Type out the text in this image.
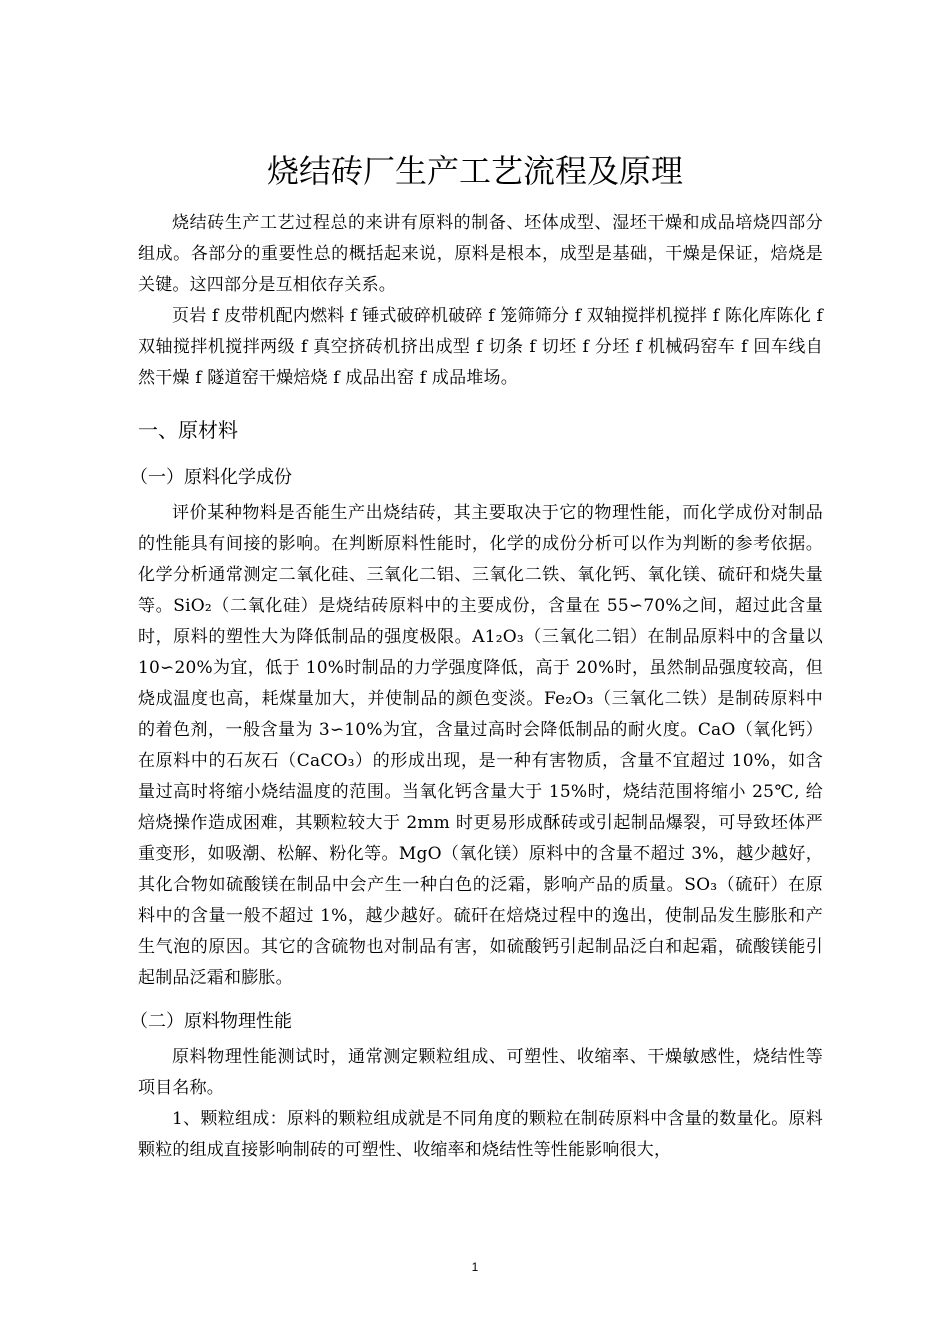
烧结砖厂生产工艺流程及原理

烧结砖生产工艺过程总的来讲有原料的制备、坯体成型、湿坯干燥和成品培烧四部分组成。各部分的重要性总的概括起来说，原料是根本，成型是基础，干燥是保证，焙烧是关键。这四部分是互相依存关系。

页岩 f 皮带机配内燃料 f 锤式破碎机破碎 f 笼筛筛分 f 双轴搅拌机搅拌 f 陈化库陈化 f 双轴搅拌机搅拌两级 f 真空挤砖机挤出成型 f 切条 f 切坯 f 分坯 f 机械码窑车 f 回车线自然干燥 f 隧道窑干燥焙烧 f 成品出窑 f 成品堆场。

一、原材料
（一）原料化学成份

评价某种物料是否能生产出烧结砖，其主要取决于它的物理性能，而化学成份对制品的性能具有间接的影响。在判断原料性能时，化学的成份分析可以作为判断的参考依据。化学分析通常测定二氧化硅、三氧化二铝、三氧化二铁、氧化钙、氧化镁、硫矸和烧失量等。SiO₂（二氧化硅）是烧结砖原料中的主要成份，含量在 55∽70%之间，超过此含量时，原料的塑性大为降低制品的强度极限。A1₂O₃（三氧化二铝）在制品原料中的含量以 10∽20%为宜，低于 10%时制品的力学强度降低，高于 20%时，虽然制品强度较高，但烧成温度也高，耗煤量加大，并使制品的颜色变淡。Fe₂O₃（三氧化二铁）是制砖原料中的着色剂，一般含量为 3∽10%为宜，含量过高时会降低制品的耐火度。CaO（氧化钙）在原料中的石灰石（CaCO₃）的形成出现，是一种有害物质，含量不宜超过 10%，如含量过高时将缩小烧结温度的范围。当氧化钙含量大于 15%时，烧结范围将缩小 25℃, 给焙烧操作造成困难，其颗粒较大于 2mm 时更易形成酥砖或引起制品爆裂，可导致坯体严重变形，如吸潮、松解、粉化等。MgO（氧化镁）原料中的含量不超过 3%，越少越好，其化合物如硫酸镁在制品中会产生一种白色的泛霜，影响产品的质量。SO₃（硫矸）在原料中的含量一般不超过 1%，越少越好。硫矸在焙烧过程中的逸出，使制品发生膨胀和产生气泡的原因。其它的含硫物也对制品有害，如硫酸钙引起制品泛白和起霜，硫酸镁能引起制品泛霜和膨胀。

（二）原料物理性能

原料物理性能测试时，通常测定颗粒组成、可塑性、收缩率、干燥敏感性，烧结性等项目名称。

1、颗粒组成：原料的颗粒组成就是不同角度的颗粒在制砖原料中含量的数量化。原料颗粒的组成直接影响制砖的可塑性、收缩率和烧结性等性能影响很大，

1
